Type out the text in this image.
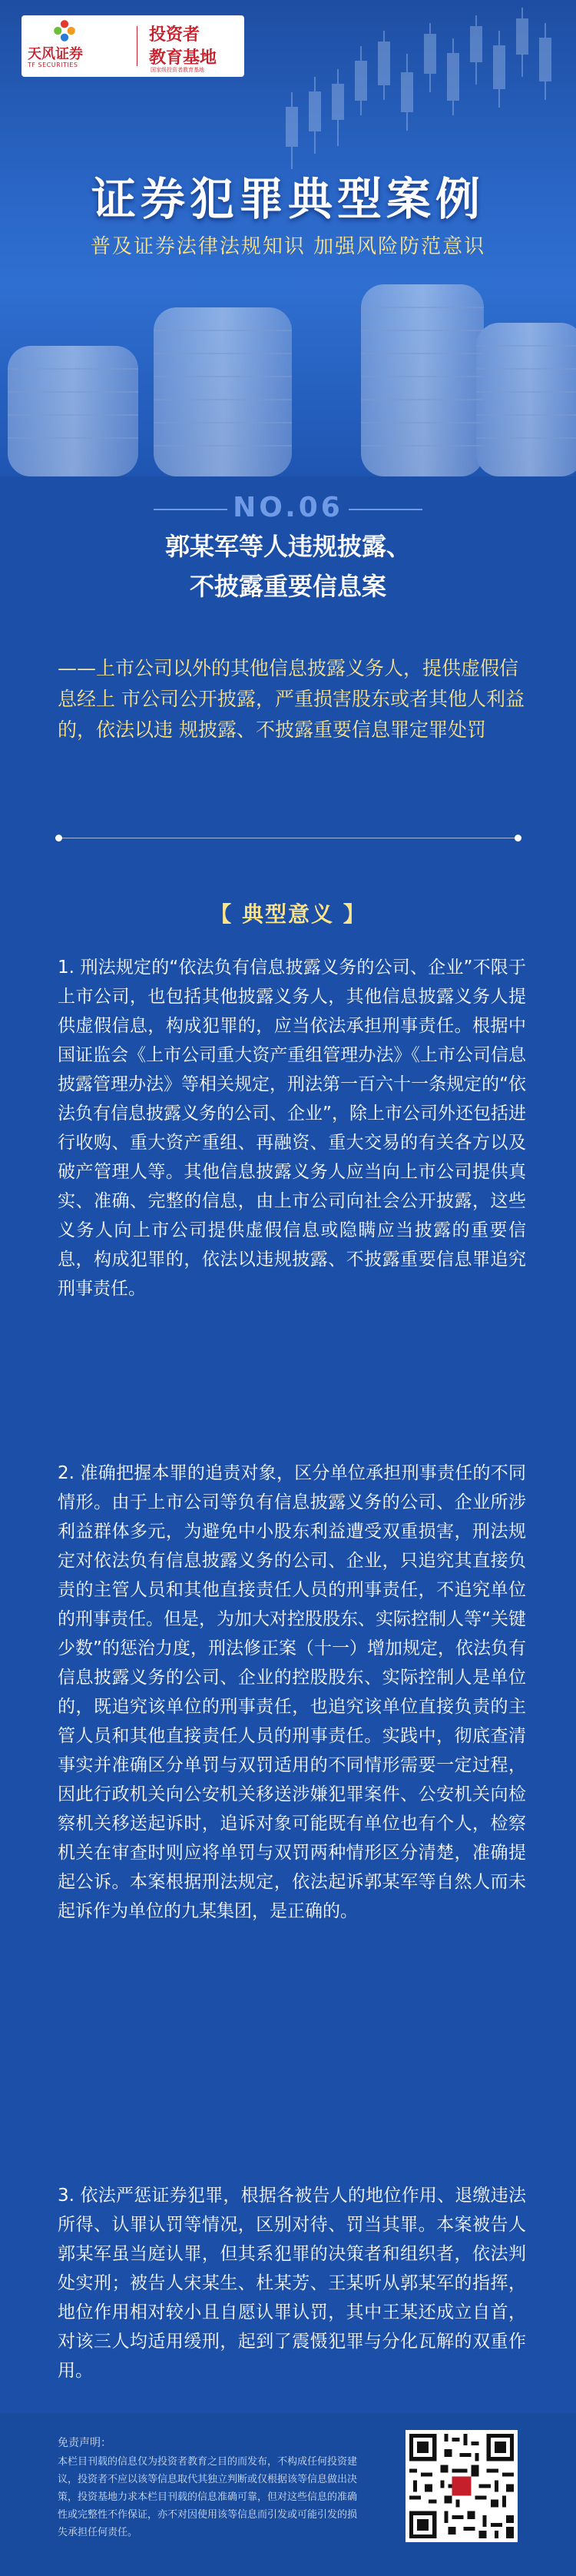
天风证券
TF SECURITIES
投资者
教育基地
国家级投资者教育基地
证券犯罪典型案例
普及证券法律法规知识 加强风险防范意识
NO.06
郭某军等人违规披露、
不披露重要信息案
——上市公司以外的其他信息披露义务人，提供虚假信息经上 市公司公开披露，严重损害股东或者其他人利益的，依法以违 规披露、不披露重要信息罪定罪处罚
【 典型意义 】
1. 刑法规定的“依法负有信息披露义务的公司、企业”不限于上市公司，也包括其他披露义务人，其他信息披露义务人提供虚假信息，构成犯罪的，应当依法承担刑事责任。根据中国证监会《上市公司重大资产重组管理办法》《上市公司信息披露管理办法》等相关规定，刑法第一百六十一条规定的“依法负有信息披露义务的公司、企业”，除上市公司外还包括进行收购、重大资产重组、再融资、重大交易的有关各方以及破产管理人等。其他信息披露义务人应当向上市公司提供真实、准确、完整的信息，由上市公司向社会公开披露，这些义务人向上市公司提供虚假信息或隐瞒应当披露的重要信息，构成犯罪的，依法以违规披露、不披露重要信息罪追究刑事责任。
2. 准确把握本罪的追责对象，区分单位承担刑事责任的不同情形。由于上市公司等负有信息披露义务的公司、企业所涉利益群体多元，为避免中小股东利益遭受双重损害，刑法规定对依法负有信息披露义务的公司、企业，只追究其直接负责的主管人员和其他直接责任人员的刑事责任，不追究单位的刑事责任。但是，为加大对控股股东、实际控制人等“关键少数”的惩治力度，刑法修正案（十一）增加规定，依法负有信息披露义务的公司、企业的控股股东、实际控制人是单位的，既追究该单位的刑事责任，也追究该单位直接负责的主管人员和其他直接责任人员的刑事责任。实践中，彻底查清事实并准确区分单罚与双罚适用的不同情形需要一定过程，因此行政机关向公安机关移送涉嫌犯罪案件、公安机关向检察机关移送起诉时，追诉对象可能既有单位也有个人，检察机关在审查时则应将单罚与双罚两种情形区分清楚，准确提起公诉。本案根据刑法规定，依法起诉郭某军等自然人而未起诉作为单位的九某集团，是正确的。
3. 依法严惩证券犯罪，根据各被告人的地位作用、退缴违法所得、认罪认罚等情况，区别对待、罚当其罪。本案被告人郭某军虽当庭认罪，但其系犯罪的决策者和组织者，依法判处实刑；被告人宋某生、杜某芳、王某听从郭某军的指挥，地位作用相对较小且自愿认罪认罚，其中王某还成立自首，对该三人均适用缓刑，起到了震慑犯罪与分化瓦解的双重作用。
免责声明：
本栏目刊载的信息仅为投资者教育之目的而发布，不构成任何投资建议，投资者不应以该等信息取代其独立判断或仅根据该等信息做出决策，投资基地力求本栏目刊载的信息准确可靠，但对这些信息的准确性或完整性不作保证，亦不对因使用该等信息而引发或可能引发的损失承担任何责任。
